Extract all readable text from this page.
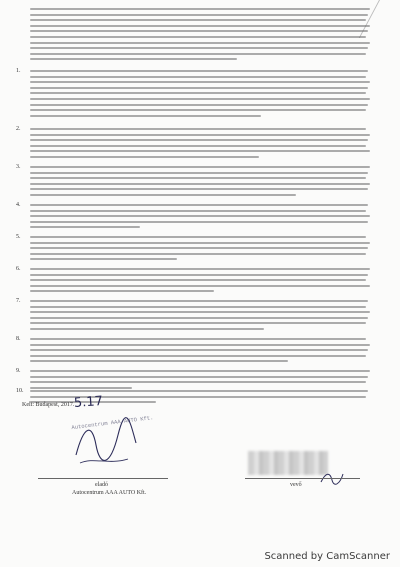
1.
2.
3.
4.
5.
6.
7.
8.
9.
10.
Kelt: Budapest, 2017. 5.17
Autocentrum AAA AUTO Kft.
eladó
Autocentrum AAA AUTO Kft.
vevő
Scanned by CamScanner
